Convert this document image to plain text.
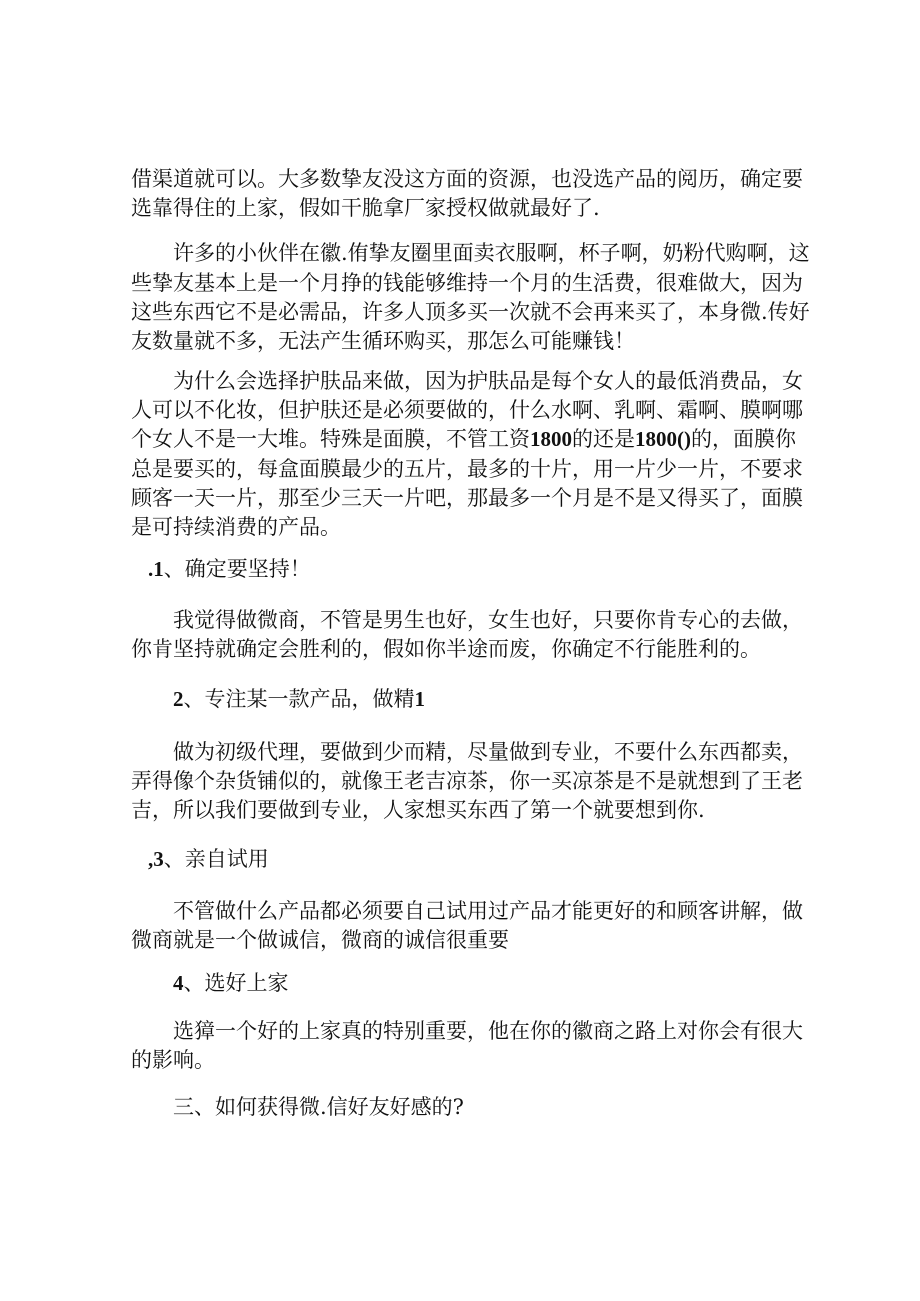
借渠道就可以。大多数挚友没这方面的资源，也没选产品的阅历，确定要
选靠得住的上家，假如干脆拿厂家授权做就最好了.
许多的小伙伴在徽.侑挚友圈里面卖衣服啊，杯子啊，奶粉代购啊，这
些挚友基本上是一个月挣的钱能够维持一个月的生活费，很难做大，因为
这些东西它不是必需品，许多人顶多买一次就不会再来买了，本身微.传好
友数量就不多，无法产生循环购买，那怎么可能赚钱！
为什么会选择护肤品来做，因为护肤品是每个女人的最低消费品，女
人可以不化妆，但护肤还是必须要做的，什么水啊、乳啊、霜啊、膜啊哪
个女人不是一大堆。特殊是面膜，不管工资1800的还是1800()的，面膜你
总是要买的，每盒面膜最少的五片，最多的十片，用一片少一片，不要求
顾客一天一片，那至少三天一片吧，那最多一个月是不是又得买了，面膜
是可持续消费的产品。
.1、确定要坚持！
我觉得做微商，不管是男生也好，女生也好，只要你肯专心的去做，
你肯坚持就确定会胜利的，假如你半途而废，你确定不行能胜利的。
2、专注某一款产品，做精1
做为初级代理，要做到少而精，尽量做到专业，不要什么东西都卖，
弄得像个杂货铺似的，就像王老吉凉茶，你一买凉茶是不是就想到了王老
吉，所以我们要做到专业，人家想买东西了第一个就要想到你.
,3、亲自试用
不管做什么产品都必须要自己试用过产品才能更好的和顾客讲解，做
微商就是一个做诚信，微商的诚信很重要
4、选好上家
选獐一个好的上家真的特别重要，他在你的徽商之路上对你会有很大
的影响。
三、如何获得微.信好友好感的?
